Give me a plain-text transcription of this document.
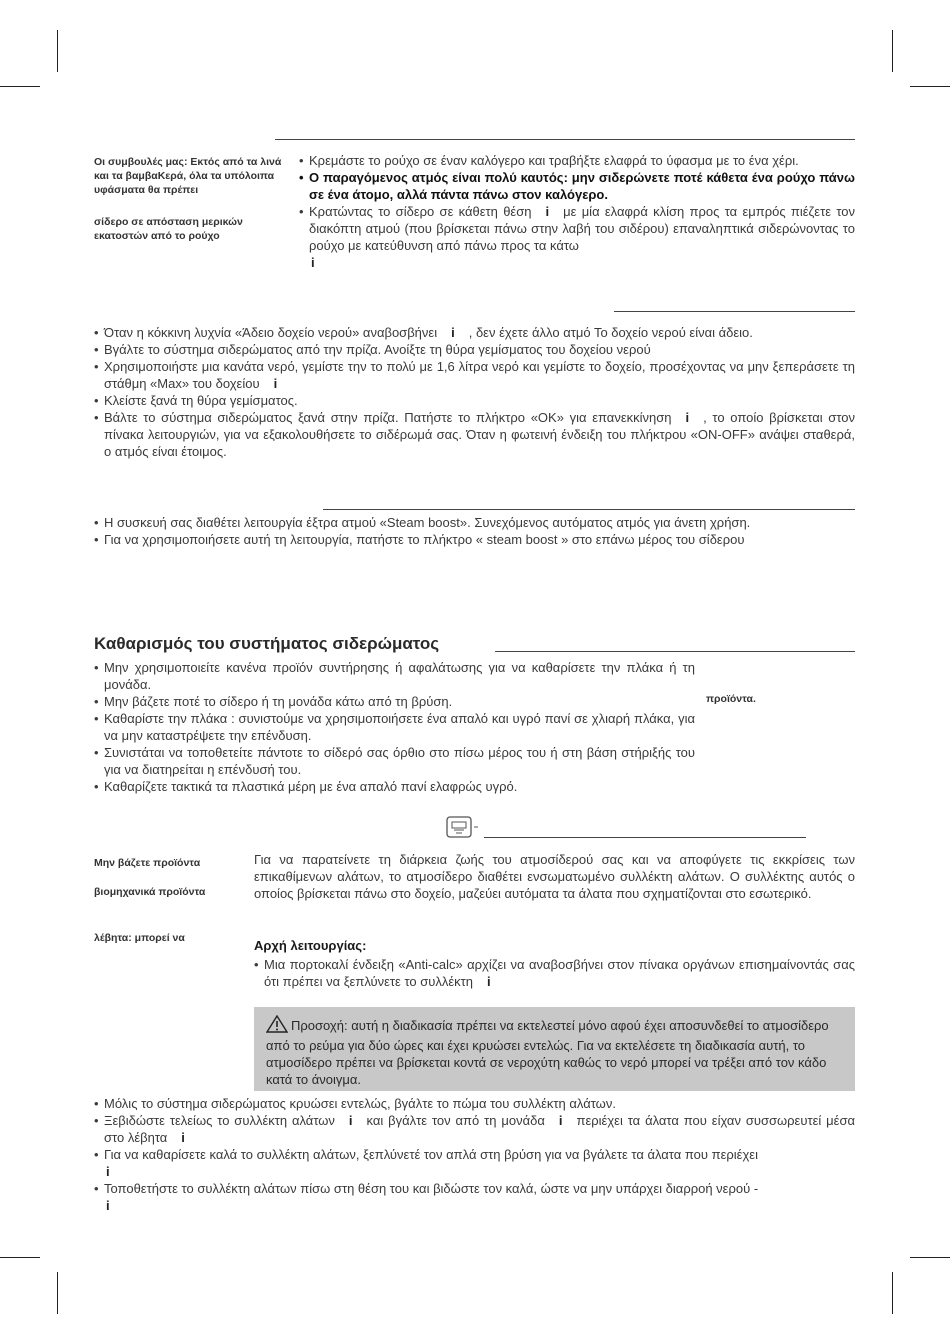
Οι συμβουλές μας: Εκτός από τα λινά και τα βαμβαΚερά, όλα τα υπόλοιπα υφάσματα θα πρέπει
σίδερο σε απόσταση μερικών εκατοστών από το ρούχο
• Κρεμάστε το ρούχο σε έναν καλόγερο και τραβήξτε ελαφρά το ύφασμα με το ένα χέρι.
• Ο παραγόμενος ατμός είναι πολύ καυτός: μην σιδερώνετε ποτέ κάθετα ένα ρούχο πάνω σε ένα άτομο, αλλά πάντα πάνω στον καλόγερο.
• Κρατώντας το σίδερο σε κάθετη θέση i με μία ελαφρά κλίση προς τα εμπρός πιέζετε τον διακόπτη ατμού (που βρίσκεται πάνω στην λαβή του σιδέρου) επαναληπτικά σιδερώνοντας το ρούχο με κατεύθυνση από πάνω προς τα κάτω
i
• Όταν η κόκκινη λυχνία «Άδειο δοχείο νερού» αναβοσβήνει i , δεν έχετε άλλο ατμό Το δοχείο νερού είναι άδειο.
• Βγάλτε το σύστημα σιδερώματος από την πρίζα. Ανοίξτε τη θύρα γεμίσματος του δοχείου νερού
• Χρησιμοποιήστε μια κανάτα νερό, γεμίστε την το πολύ με 1,6 λίτρα νερό και γεμίστε το δοχείο, προσέχοντας να μην ξεπεράσετε τη στάθμη «Max» του δοχείου i
• Κλείστε ξανά τη θύρα γεμίσματος.
• Βάλτε το σύστημα σιδερώματος ξανά στην πρίζα. Πατήστε το πλήκτρο «OK» για επανεκκίνηση i , το οποίο βρίσκεται στον πίνακα λειτουργιών, για να εξακολουθήσετε το σιδέρωμά σας. Όταν η φωτεινή ένδειξη του πλήκτρου «ON-OFF» ανάψει σταθερά, ο ατμός είναι έτοιμος.
• Η συσκευή σας διαθέτει λειτουργία έξτρα ατμού «Steam boost». Συνεχόμενος αυτόματος ατμός για άνετη χρήση.
• Για να χρησιμοποιήσετε αυτή τη λειτουργία, πατήστε το πλήκτρο « steam boost » στο επάνω μέρος του σίδερου
Καθαρισμός του συστήματος σιδερώματος
• Μην χρησιμοποιείτε κανένα προϊόν συντήρησης ή αφαλάτωσης για να καθαρίσετε την πλάκα ή τη μονάδα.
• Μην βάζετε ποτέ το σίδερο ή τη μονάδα κάτω από τη βρύση.
• Καθαρίστε την πλάκα : συνιστούμε να χρησιμοποιήσετε ένα απαλό και υγρό πανί σε χλιαρή πλάκα, για να μην καταστρέψετε την επένδυση.
• Συνιστάται να τοποθετείτε πάντοτε το σίδερό σας όρθιο στο πίσω μέρος του ή στη βάση στήριξής του για να διατηρείται η επένδυσή του.
• Καθαρίζετε τακτικά τα πλαστικά μέρη με ένα απαλό πανί ελαφρώς υγρό.
προϊόντα.
Μην βάζετε προϊόντα
βιομηχανικά προϊόντα
λέβητα: μπορεί να
Για να παρατείνετε τη διάρκεια ζωής του ατμοσίδερού σας και να αποφύγετε τις εκκρίσεις των επικαθίμενων αλάτων, το ατμοσίδερο διαθέτει ενσωματωμένο συλλέκτη αλάτων. Ο συλλέκτης αυτός ο οποίος βρίσκεται πάνω στο δοχείο, μαζεύει αυτόματα τα άλατα που σχηματίζονται στο εσωτερικό.
Αρχή λειτουργίας:
• Μια πορτοκαλί ένδειξη «Anti-calc» αρχίζει να αναβοσβήνει στον πίνακα οργάνων επισημαίνοντάς σας ότι πρέπει να ξεπλύνετε το συλλέκτη i
Προσοχή: αυτή η διαδικασία πρέπει να εκτελεστεί μόνο αφού έχει αποσυνδεθεί το ατμοσίδερο από το ρεύμα για δύο ώρες και έχει κρυώσει εντελώς. Για να εκτελέσετε τη διαδικασία αυτή, το ατμοσίδερο πρέπει να βρίσκεται κοντά σε νεροχύτη καθώς το νερό μπορεί να τρέξει από τον κάδο κατά το άνοιγμα.
• Μόλις το σύστημα σιδερώματος κρυώσει εντελώς, βγάλτε το πώμα του συλλέκτη αλάτων.
• Ξεβιδώστε τελείως το συλλέκτη αλάτων i και βγάλτε τον από τη μονάδα i περιέχει τα άλατα που είχαν συσσωρευτεί μέσα στο λέβητα i
• Για να καθαρίσετε καλά το συλλέκτη αλάτων, ξεπλύνετέ τον απλά στη βρύση για να βγάλετε τα άλατα που περιέχει
i
• Τοποθετήστε το συλλέκτη αλάτων πίσω στη θέση του και βιδώστε τον καλά, ώστε να μην υπάρχει διαρροή νερού -
i
